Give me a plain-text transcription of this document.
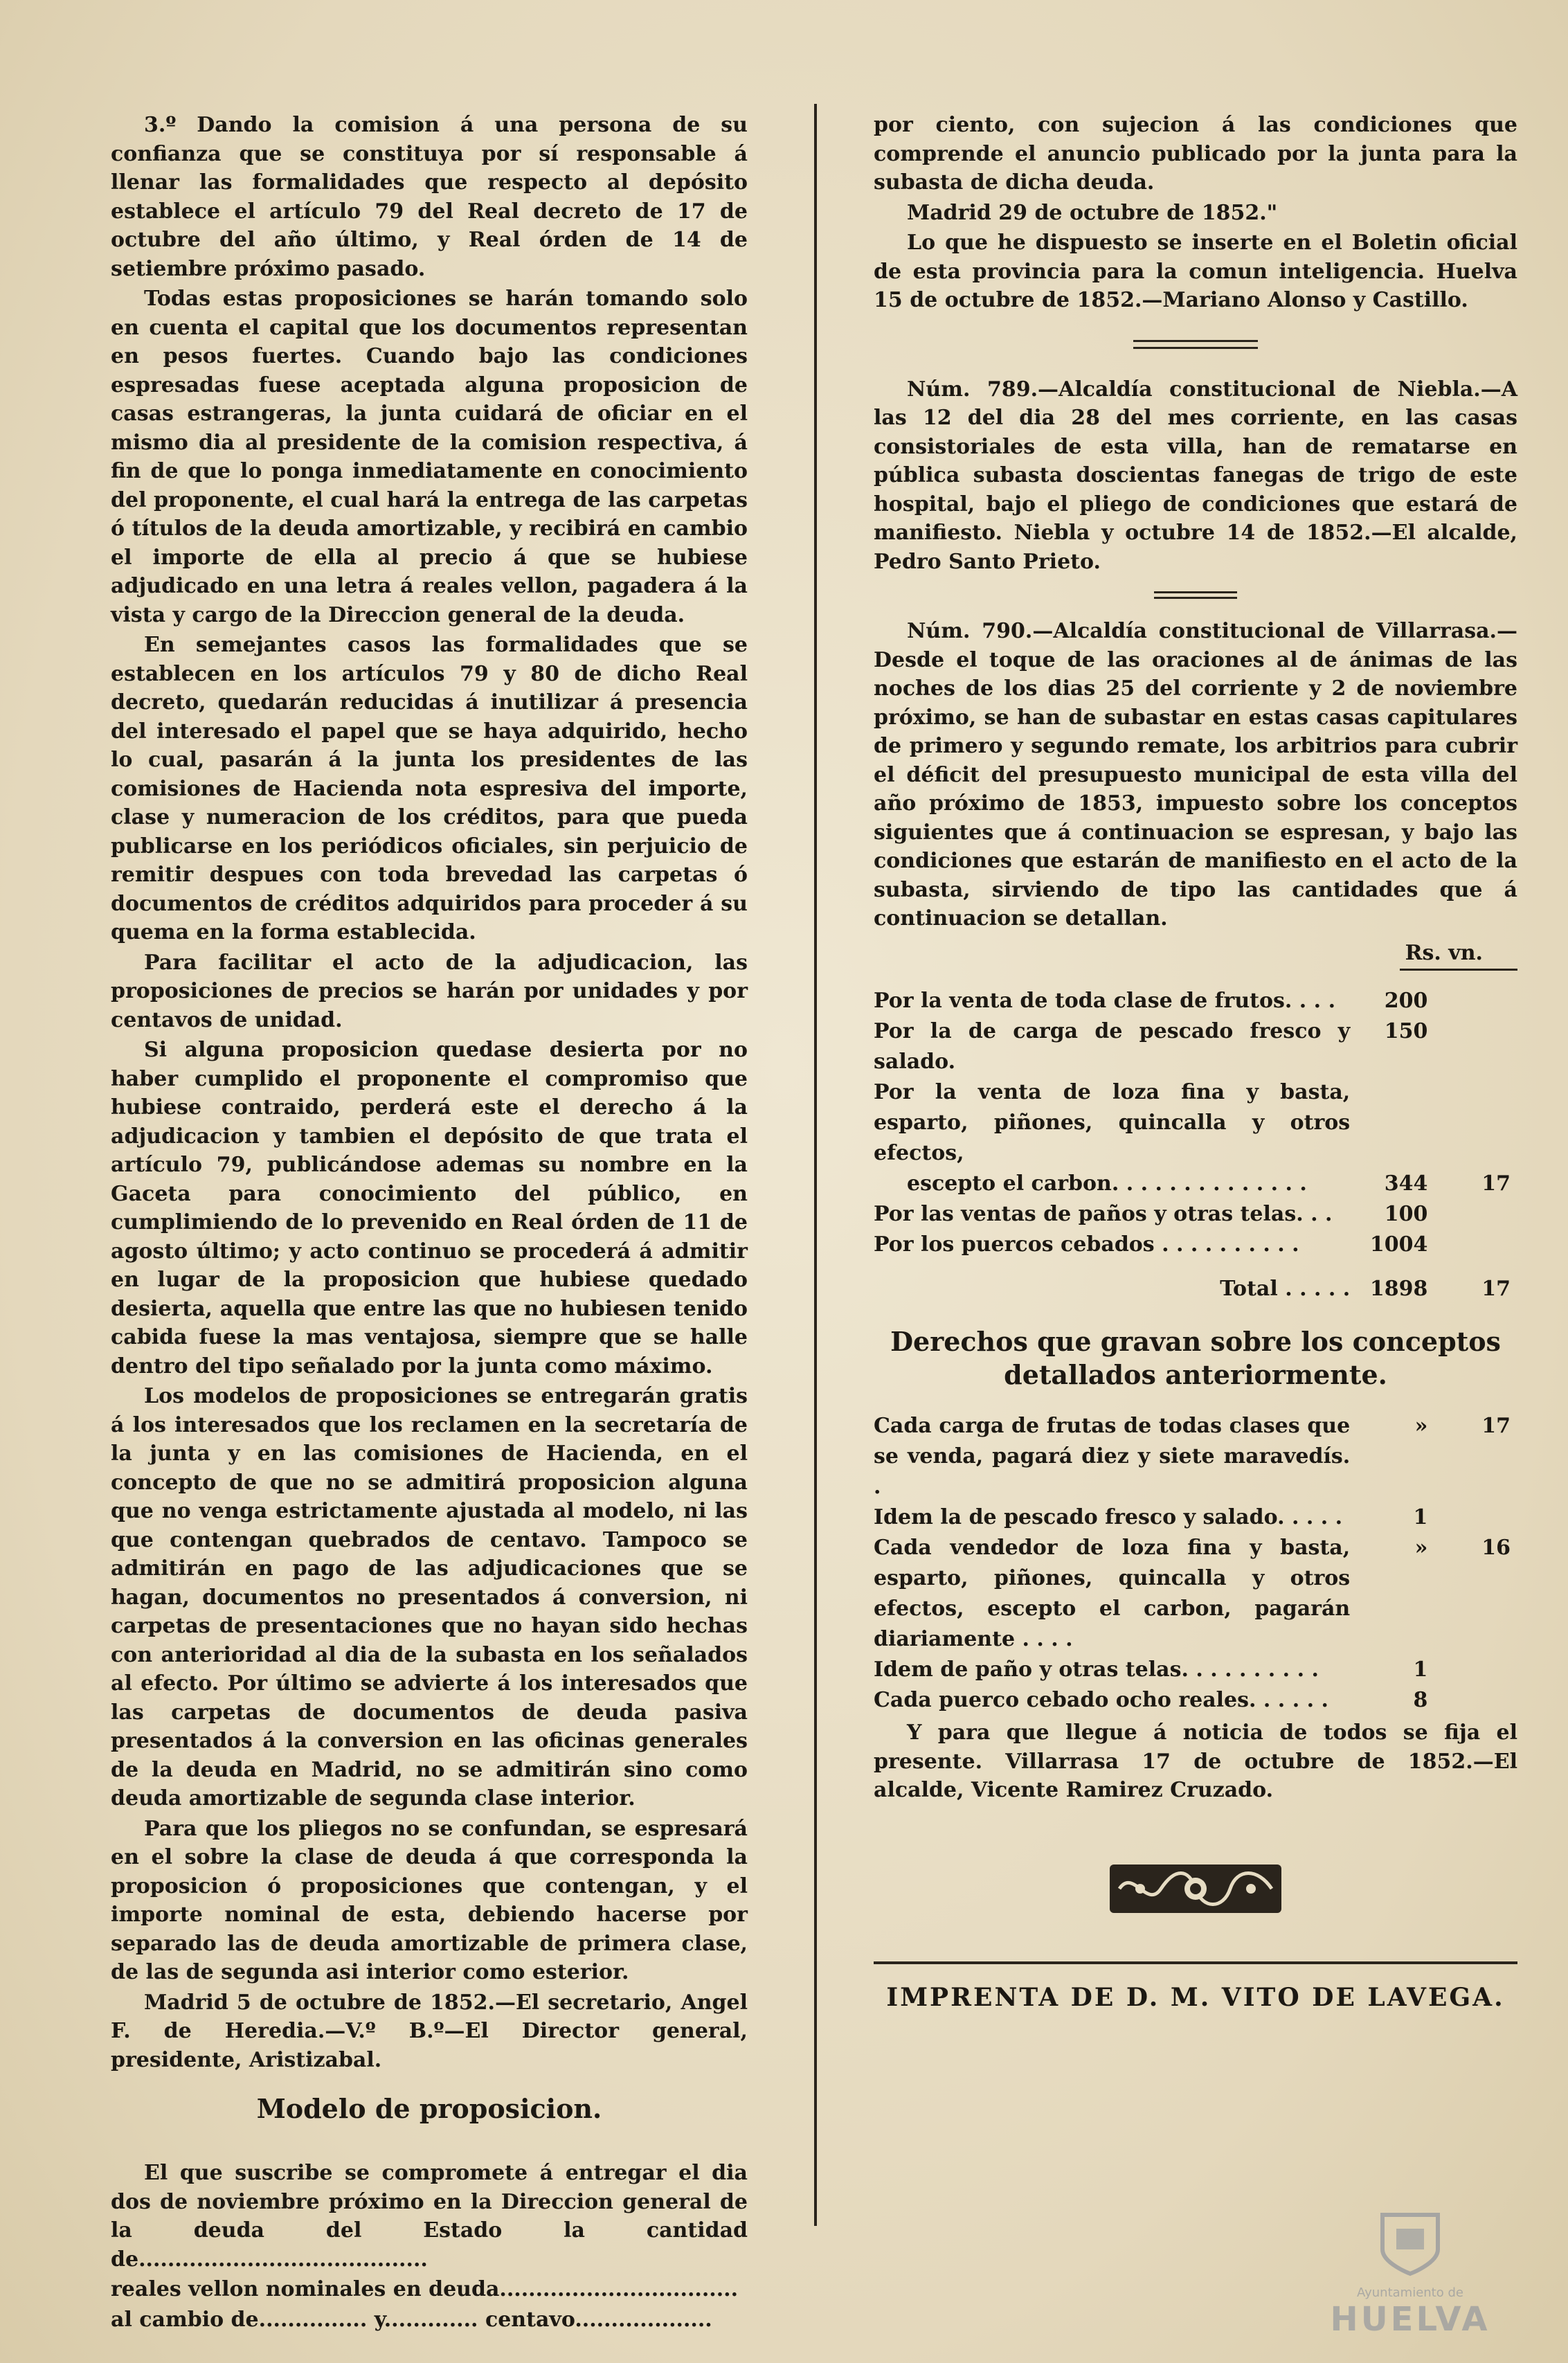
3.º Dando la comision á una persona de su confianza que se constituya por sí responsable á llenar las formalidades que respecto al depósito establece el artículo 79 del Real decreto de 17 de octubre del año último, y Real órden de 14 de setiembre próximo pasado.

Todas estas proposiciones se harán tomando solo en cuenta el capital que los documentos representan en pesos fuertes. Cuando bajo las condiciones espresadas fuese aceptada alguna proposicion de casas estrangeras, la junta cuidará de oficiar en el mismo dia al presidente de la comision respectiva, á fin de que lo ponga inmediatamente en conocimiento del proponente, el cual hará la entrega de las carpetas ó títulos de la deuda amortizable, y recibirá en cambio el importe de ella al precio á que se hubiese adjudicado en una letra á reales vellon, pagadera á la vista y cargo de la Direccion general de la deuda.

En semejantes casos las formalidades que se establecen en los artículos 79 y 80 de dicho Real decreto, quedarán reducidas á inutilizar á presencia del interesado el papel que se haya adquirido, hecho lo cual, pasarán á la junta los presidentes de las comisiones de Hacienda nota espresiva del importe, clase y numeracion de los créditos, para que pueda publicarse en los periódicos oficiales, sin perjuicio de remitir despues con toda brevedad las carpetas ó documentos de créditos adquiridos para proceder á su quema en la forma establecida.

Para facilitar el acto de la adjudicacion, las proposiciones de precios se harán por unidades y por centavos de unidad.

Si alguna proposicion quedase desierta por no haber cumplido el proponente el compromiso que hubiese contraido, perderá este el derecho á la adjudicacion y tambien el depósito de que trata el artículo 79, publicándose ademas su nombre en la Gaceta para conocimiento del público, en cumplimiendo de lo prevenido en Real órden de 11 de agosto último; y acto continuo se procederá á admitir en lugar de la proposicion que hubiese quedado desierta, aquella que entre las que no hubiesen tenido cabida fuese la mas ventajosa, siempre que se halle dentro del tipo señalado por la junta como máximo.

Los modelos de proposiciones se entregarán gratis á los interesados que los reclamen en la secretaría de la junta y en las comisiones de Hacienda, en el concepto de que no se admitirá proposicion alguna que no venga estrictamente ajustada al modelo, ni las que contengan quebrados de centavo. Tampoco se admitirán en pago de las adjudicaciones que se hagan, documentos no presentados á conversion, ni carpetas de presentaciones que no hayan sido hechas con anterioridad al dia de la subasta en los señalados al efecto. Por último se advierte á los interesados que las carpetas de documentos de deuda pasiva presentados á la conversion en las oficinas generales de la deuda en Madrid, no se admitirán sino como deuda amortizable de segunda clase interior.

Para que los pliegos no se confundan, se espresará en el sobre la clase de deuda á que corresponda la proposicion ó proposiciones que contengan, y el importe nominal de esta, debiendo hacerse por separado las de deuda amortizable de primera clase, de las de segunda asi interior como esterior.

Madrid 5 de octubre de 1852.—El secretario, Angel F. de Heredia.—V.º B.º—El Director general, presidente, Aristizabal.

Modelo de proposicion.

El que suscribe se compromete á entregar el dia dos de noviembre próximo en la Direccion general de la deuda del Estado la cantidad de........................................

reales vellon nominales en deuda.................................

al cambio de............... y............. centavo...................

por ciento, con sujecion á las condiciones que comprende el anuncio publicado por la junta para la subasta de dicha deuda.

Madrid 29 de octubre de 1852."

Lo que he dispuesto se inserte en el Boletin oficial de esta provincia para la comun inteligencia. Huelva 15 de octubre de 1852.—Mariano Alonso y Castillo.

Núm. 789.—Alcaldía constitucional de Niebla.—A las 12 del dia 28 del mes corriente, en las casas consistoriales de esta villa, han de rematarse en pública subasta doscientas fanegas de trigo de este hospital, bajo el pliego de condiciones que estará de manifiesto. Niebla y octubre 14 de 1852.—El alcalde, Pedro Santo Prieto.

Núm. 790.—Alcaldía constitucional de Villarrasa.—Desde el toque de las oraciones al de ánimas de las noches de los dias 25 del corriente y 2 de noviembre próximo, se han de subastar en estas casas capitulares de primero y segundo remate, los arbitrios para cubrir el déficit del presupuesto municipal de esta villa del año próximo de 1853, impuesto sobre los conceptos siguientes que á continuacion se espresan, y bajo las condiciones que estarán de manifiesto en el acto de la subasta, sirviendo de tipo las cantidades que á continuacion se detallan.

Rs. vn.
Por la venta de toda clase de frutos. . . .	200	
Por la de carga de pescado fresco y salado.	150	
Por la venta de loza fina y basta, esparto, piñones, quincalla y otros efectos,		
escepto el carbon. . . . . . . . . . . . . .	344	17
Por las ventas de paños y otras telas. . .	100	
Por los puercos cebados . . . . . . . . . .	1004	
Total . . . . .	1898	17
Derechos que gravan sobre los conceptos detallados anteriormente.
Cada carga de frutas de todas clases que se venda, pagará diez y siete maravedís. .	»	17
Idem la de pescado fresco y salado. . . . .	1	
Cada vendedor de loza fina y basta, esparto, piñones, quincalla y otros efectos, escepto el carbon, pagarán diariamente . . . .	»	16
Idem de paño y otras telas. . . . . . . . . .	1	
Cada puerco cebado ocho reales. . . . . .	8	

Y para que llegue á noticia de todos se fija el presente. Villarrasa 17 de octubre de 1852.—El alcalde, Vicente Ramirez Cruzado.

IMPRENTA DE D. M. VITO DE LAVEGA.
Ayuntamiento de
HUELVA
